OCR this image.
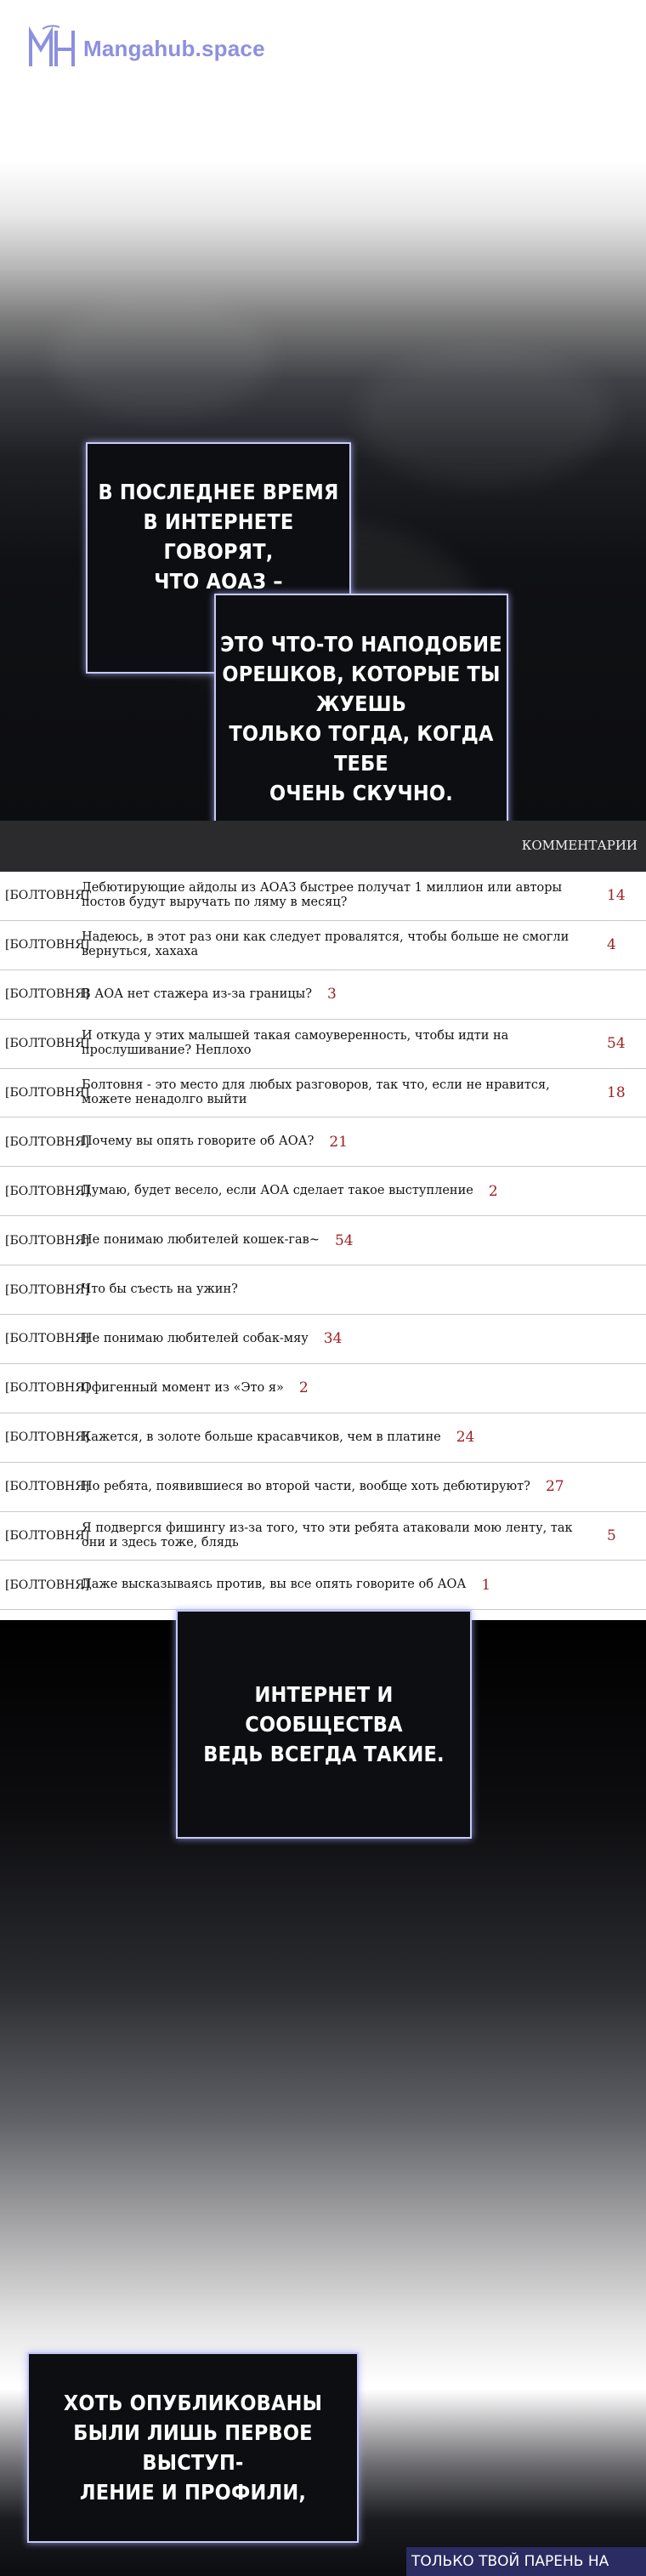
Mangahub.space
В ПОСЛЕДНЕЕ ВРЕМЯ
В ИНТЕРНЕТЕ ГОВОРЯТ,
ЧТО АОАЗ –
ЭТО ЧТО-ТО НАПОДОБИЕ
ОРЕШКОВ, КОТОРЫЕ ТЫ ЖУЕШЬ
ТОЛЬКО ТОГДА, КОГДА ТЕБЕ
ОЧЕНЬ СКУЧНО.
КОММЕНТАРИИ
[БОЛТОВНЯ]
Дебютирующие айдолы из АОАЗ быстрее получат 1 миллион или авторы постов будут выручать по ляму в месяц?	14
[БОЛТОВНЯ]
Надеюсь, в этот раз они как следует провалятся, чтобы больше не смогли вернуться, хахаха	4
[БОЛТОВНЯ]
В АОА нет стажера из-за границы? 3
[БОЛТОВНЯ]
И откуда у этих малышей такая самоуверенность, чтобы идти на прослушивание? Неплохо	54
[БОЛТОВНЯ]
Болтовня - это место для любых разговоров, так что, если не нравится, можете ненадолго выйти	18
[БОЛТОВНЯ]
Почему вы опять говорите об АОА? 21
[БОЛТОВНЯ]
Думаю, будет весело, если АОА сделает такое выступление 2
[БОЛТОВНЯ]
Не понимаю любителей кошек-гав~ 54
[БОЛТОВНЯ]
Что бы съесть на ужин?
[БОЛТОВНЯ]
Не понимаю любителей собак-мяу 34
[БОЛТОВНЯ]
Офигенный момент из «Это я» 2
[БОЛТОВНЯ]
Кажется, в золоте больше красавчиков, чем в платине 24
[БОЛТОВНЯ]
Но ребята, появившиеся во второй части, вообще хоть дебютируют? 27
[БОЛТОВНЯ]
Я подвергся фишингу из-за того, что эти ребята атаковали мою ленту, так они и здесь тоже, блядь	5
[БОЛТОВНЯ]
Даже высказываясь против, вы все опять говорите об АОА 1
ИНТЕРНЕТ И СООБЩЕСТВА
ВЕДЬ ВСЕГДА ТАКИЕ.
ХОТЬ ОПУБЛИКОВАНЫ
БЫЛИ ЛИШЬ ПЕРВОЕ ВЫСТУП-
ЛЕНИЕ И ПРОФИЛИ,
ТОЛЬКО ТВОЙ ПАРЕНЬ НА
